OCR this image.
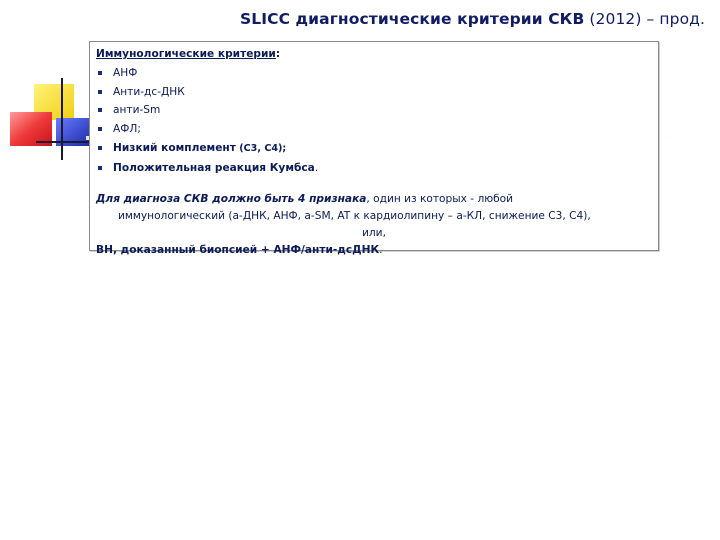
SLICC диагностические критерии СКВ (2012) – прод.
Иммунологические критерии:
АНФ
Анти-дс-ДНК
анти-Sm
АФЛ;
Низкий комплемент (С3, С4);
Положительная реакция Кумбса.
Для диагноза СКВ должно быть 4 признака, один из которых - любой
иммунологический (а-ДНК, АНФ, а-SM, AT к кардиолипину – а-КЛ, снижение С3, С4),
или,
ВН, доказанный биопсией + АНФ/анти-дсДНК.
